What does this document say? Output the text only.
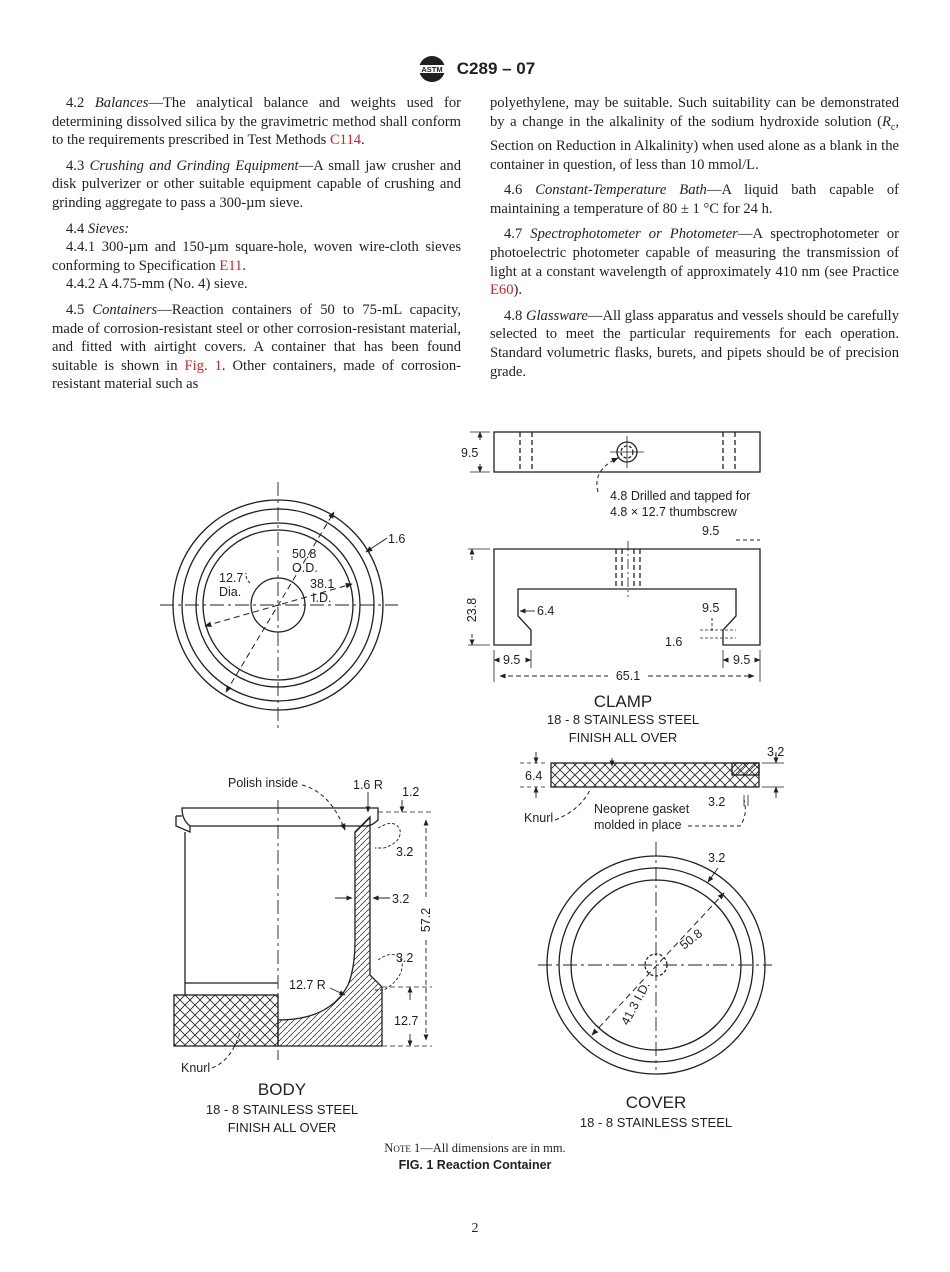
ASTM C289 – 07

4.2 Balances—The analytical balance and weights used for determining dissolved silica by the gravimetric method shall conform to the requirements prescribed in Test Methods C114.

4.3 Crushing and Grinding Equipment—A small jaw crusher and disk pulverizer or other suitable equipment capable of crushing and grinding aggregate to pass a 300-µm sieve.

4.4 Sieves:

4.4.1 300-µm and 150-µm square-hole, woven wire-cloth sieves conforming to Specification E11.

4.4.2 A 4.75-mm (No. 4) sieve.

4.5 Containers—Reaction containers of 50 to 75-mL capacity, made of corrosion-resistant steel or other corrosion-resistant material, and fitted with airtight covers. A container that has been found suitable is shown in Fig. 1. Other containers, made of corrosion-resistant material such as

polyethylene, may be suitable. Such suitability can be demonstrated by a change in the alkalinity of the sodium hydroxide solution ($R_c$, Section on Reduction in Alkalinity) when used alone as a blank in the container in question, of less than 10 mmol/L.

4.6 Constant-Temperature Bath—A liquid bath capable of maintaining a temperature of 80 ± 1 °C for 24 h.

4.7 Spectrophotometer or Photometer—A spectrophotometer or photoelectric photometer capable of measuring the transmission of light at a constant wavelength of approximately 410 nm (see Practice E60).

4.8 Glassware—All glass apparatus and vessels should be carefully selected to meet the particular requirements for each operation. Standard volumetric flasks, burets, and pipets should be of precision grade.

50.8
O.D.
38.1
I.D.
12.7
Dia.
1.6
9.5
4.8 Drilled and tapped for
4.8 × 12.7 thumbscrew
9.5
23.8	6.4	9.5
1.6
9.5	9.5
65.1
CLAMP
18 - 8 STAINLESS STEEL
FINISH ALL OVER
6.4
3.2
3.2
Knurl
Neoprene gasket
molded in place
Polish inside	1.6 R 1.2
3.2
3.2
3.2
57.2
12.7 R
12.7
Knurl
BODY
18 - 8 STAINLESS STEEL
FINISH ALL OVER
3.2
50.8
41.3 I.D.
COVER
18 - 8 STAINLESS STEEL
Note 1—All dimensions are in mm.
FIG. 1 Reaction Container
2
